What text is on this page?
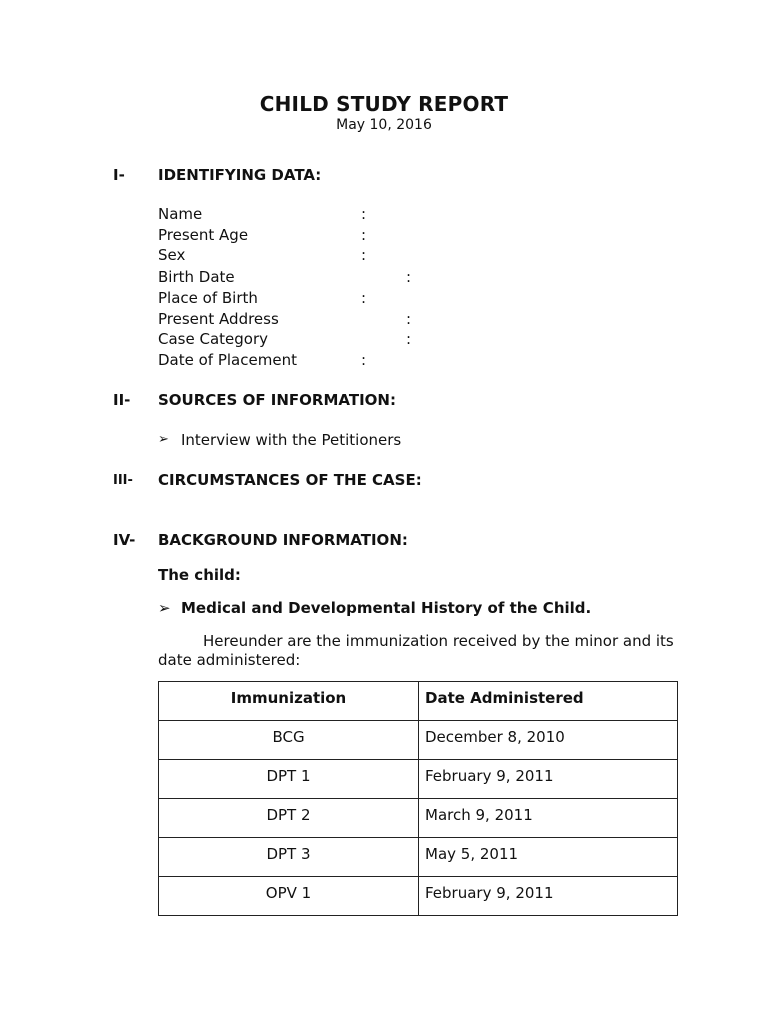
CHILD STUDY REPORT
May 10, 2016
I- IDENTIFYING DATA:
Name	:
Present Age	:
Sex	:
Birth Date	:
Place of Birth	:
Present Address	:
Case Category	:
Date of Placement	:
II- SOURCES OF INFORMATION:
➢ Interview with the Petitioners
III- CIRCUMSTANCES OF THE CASE:
IV- BACKGROUND INFORMATION:
The child:
➢ Medical and Developmental History of the Child.
Hereunder are the immunization received by the minor and its date administered:
Immunization	Date Administered
BCG	December 8, 2010
DPT 1	February 9, 2011
DPT 2	March 9, 2011
DPT 3	May 5, 2011
OPV 1	February 9, 2011
